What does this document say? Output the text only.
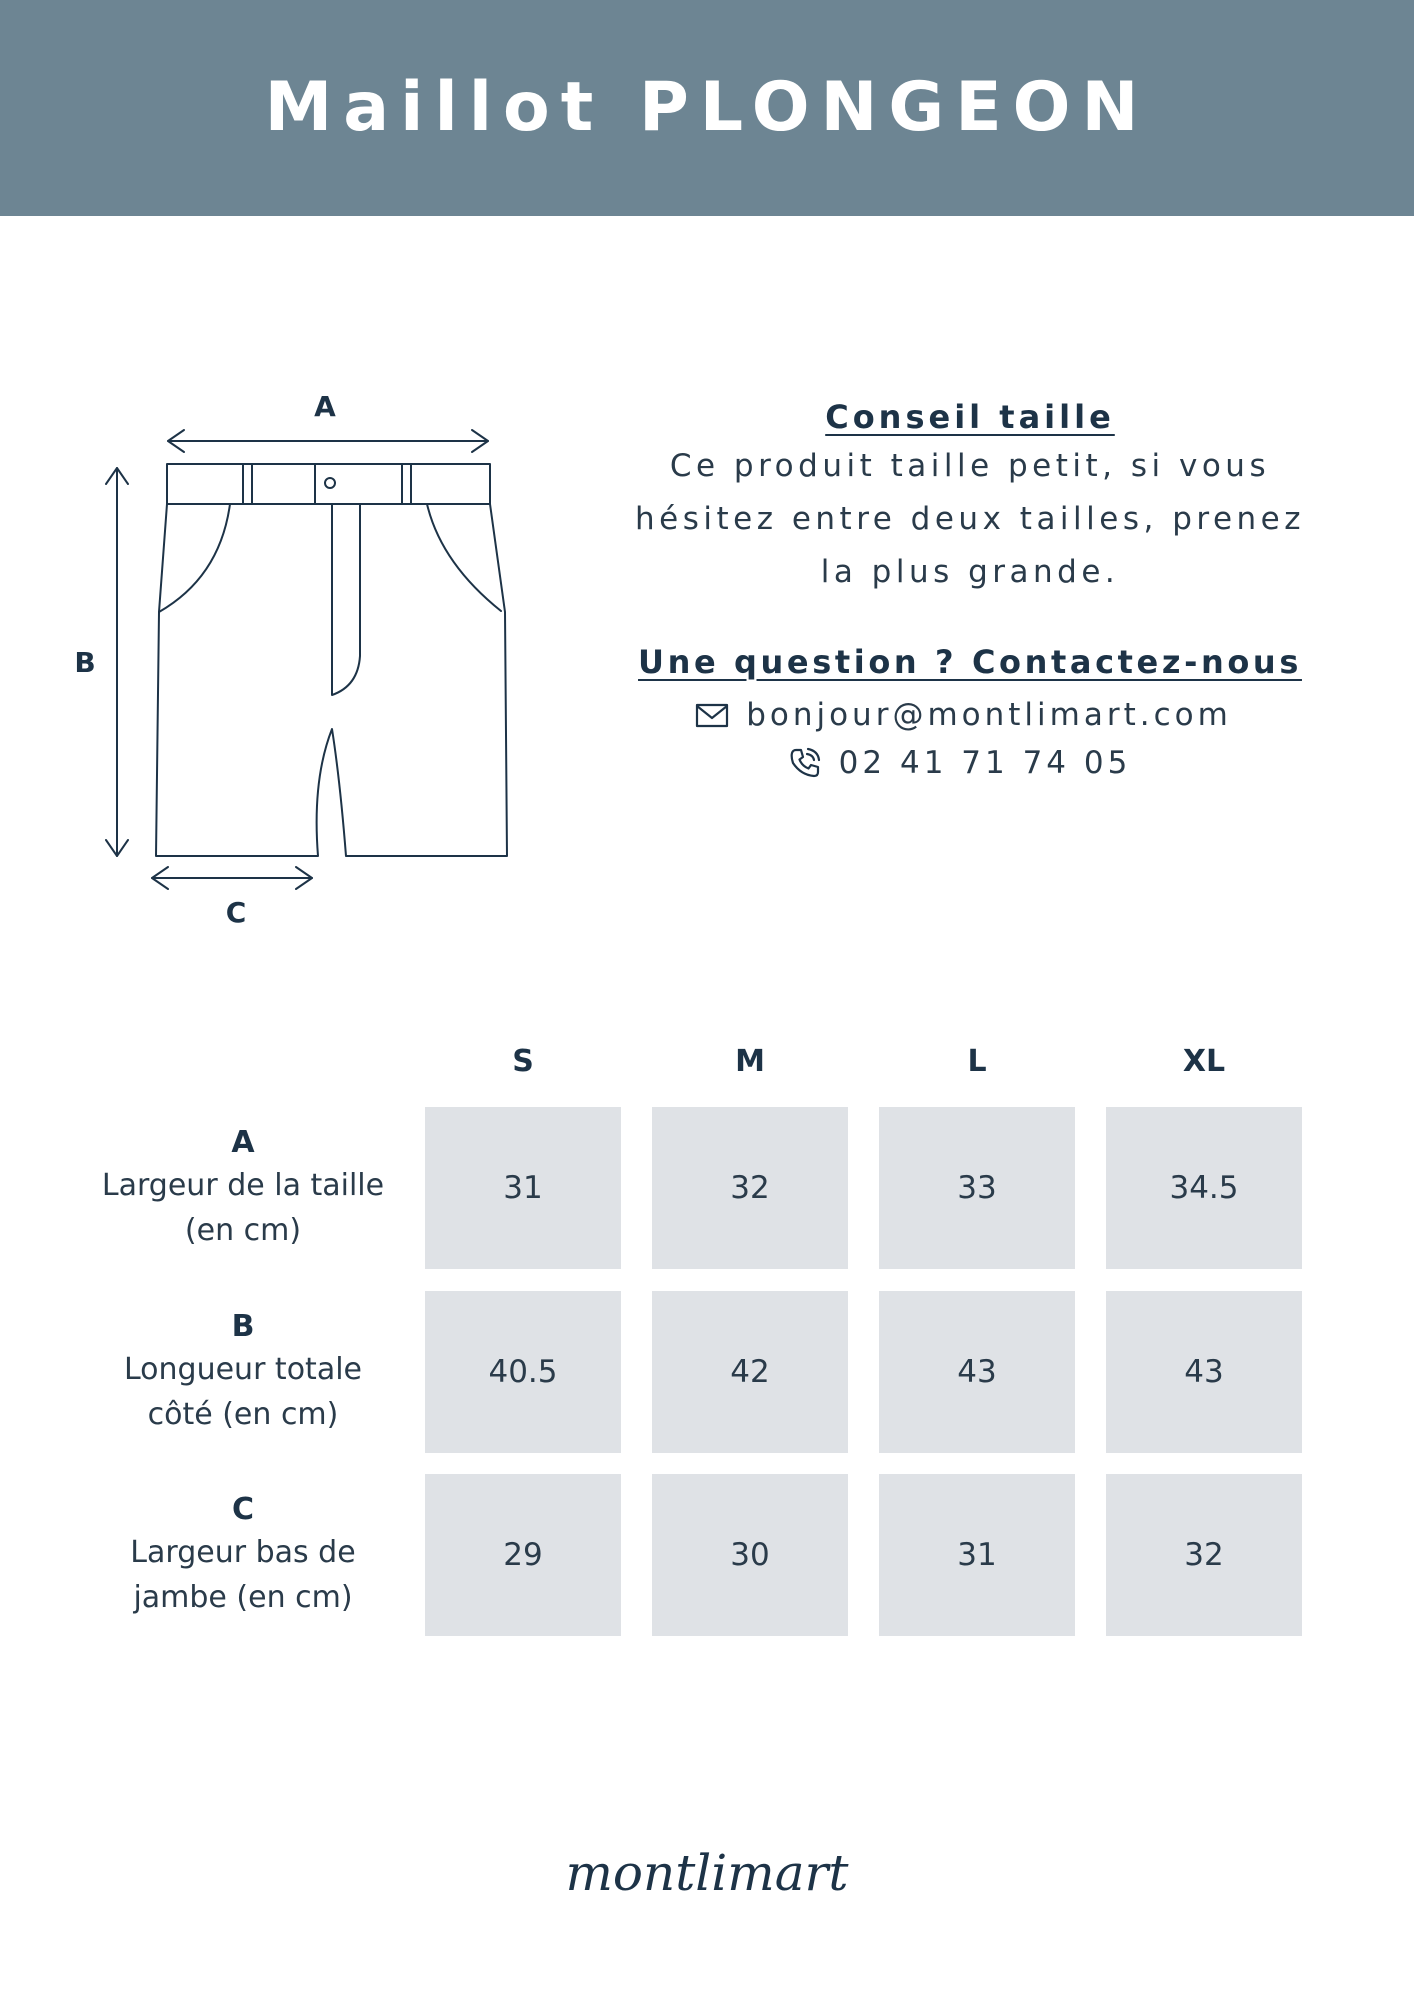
Maillot PLONGEON
A
B
C
Conseil taille
Ce produit taille petit, si vous
hésitez entre deux tailles, prenez
la plus grande.
Une question ? Contactez-nous
bonjour@montlimart.com
02 41 71 74 05
S	M	L	XL
A
Largeur de la taille
(en cm)
31	32	33	34.5
B
Longueur totale
côté (en cm)
40.5	42	43	43
C
Largeur bas de
jambe (en cm)
29	30	31	32
montlimart
